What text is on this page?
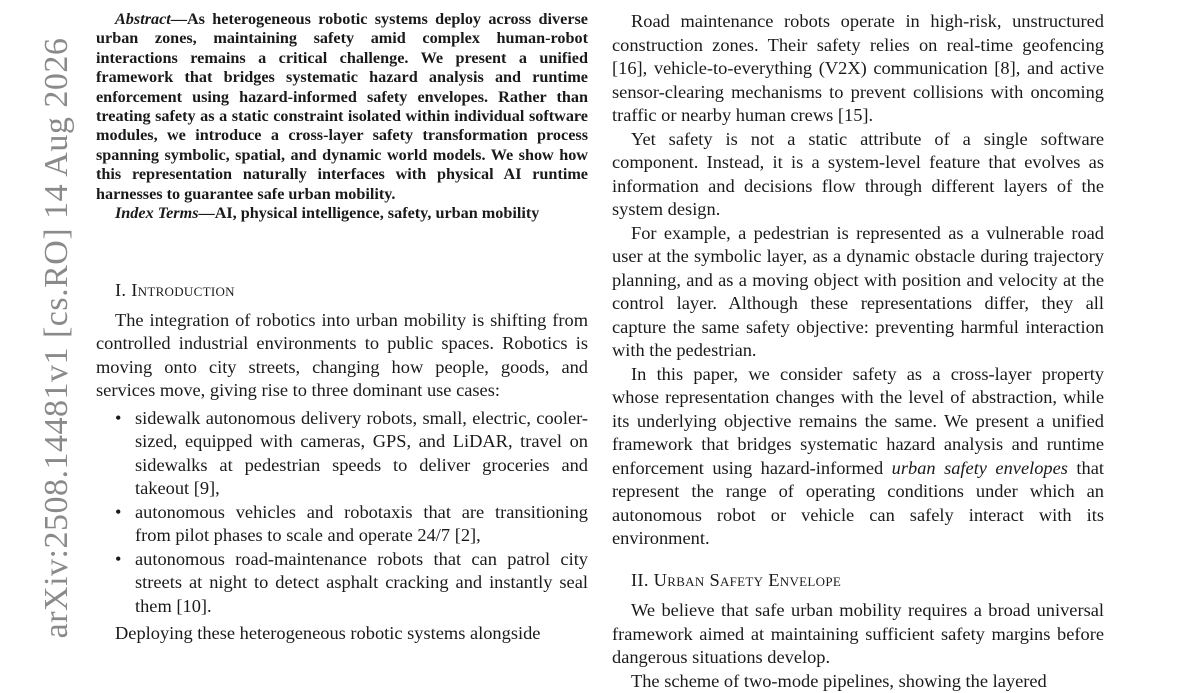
arXiv:2508.14481v1 [cs.RO] 14 Aug 2026

Abstract—As heterogeneous robotic systems deploy across diverse urban zones, maintaining safety amid complex human-robot interactions remains a critical challenge. We present a unified framework that bridges systematic hazard analysis and runtime enforcement using hazard-informed safety envelopes. Rather than treating safety as a static constraint isolated within individual software modules, we introduce a cross-layer safety transformation process spanning symbolic, spatial, and dynamic world models. We show how this representation naturally interfaces with physical AI runtime harnesses to guarantee safe urban mobility.

Index Terms—AI, physical intelligence, safety, urban mobility

I. Introduction

The integration of robotics into urban mobility is shifting from controlled industrial environments to public spaces. Robotics is moving onto city streets, changing how people, goods, and services move, giving rise to three dominant use cases:

• sidewalk autonomous delivery robots, small, electric, cooler-sized, equipped with cameras, GPS, and LiDAR, travel on sidewalks at pedestrian speeds to deliver groceries and takeout [9],
• autonomous vehicles and robotaxis that are transitioning from pilot phases to scale and operate 24/7 [2],
• autonomous road-maintenance robots that can patrol city streets at night to detect asphalt cracking and instantly seal them [10].

Deploying these heterogeneous robotic systems alongside

Road maintenance robots operate in high-risk, unstructured construction zones. Their safety relies on real-time geofencing [16], vehicle-to-everything (V2X) communication [8], and active sensor-clearing mechanisms to prevent collisions with oncoming traffic or nearby human crews [15].

Yet safety is not a static attribute of a single software component. Instead, it is a system-level feature that evolves as information and decisions flow through different layers of the system design.

For example, a pedestrian is represented as a vulnerable road user at the symbolic layer, as a dynamic obstacle during trajectory planning, and as a moving object with position and velocity at the control layer. Although these representations differ, they all capture the same safety objective: preventing harmful interaction with the pedestrian.

In this paper, we consider safety as a cross-layer property whose representation changes with the level of abstraction, while its underlying objective remains the same. We present a unified framework that bridges systematic hazard analysis and runtime enforcement using hazard-informed urban safety envelopes that represent the range of operating conditions under which an autonomous robot or vehicle can safely interact with its environment.

II. Urban Safety Envelope

We believe that safe urban mobility requires a broad universal framework aimed at maintaining sufficient safety margins before dangerous situations develop.

The scheme of two-mode pipelines, showing the layered
